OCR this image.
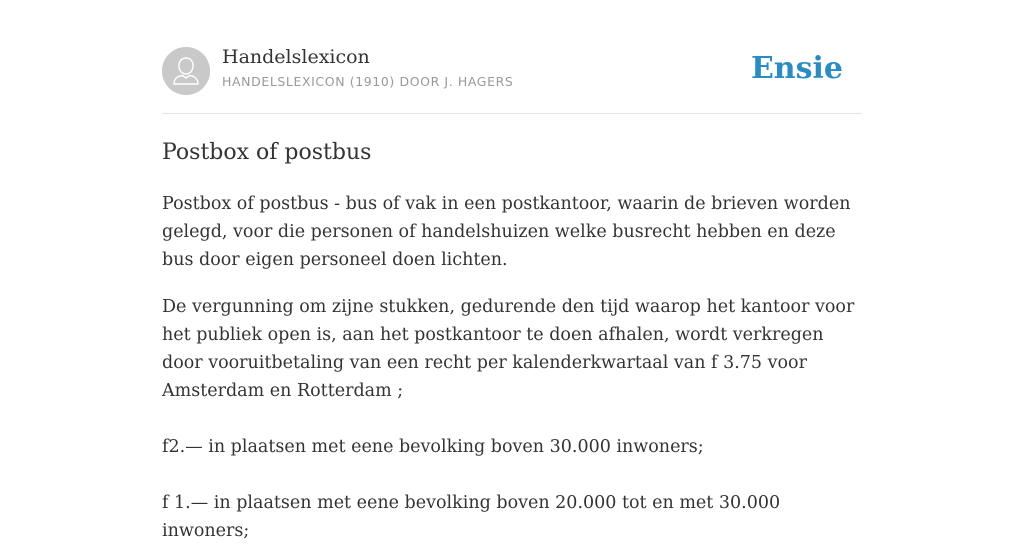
Handelslexicon
HANDELSLEXICON (1910) DOOR J. HAGERS	Ensie
Postbox of postbus

Postbox of postbus - bus of vak in een postkantoor, waarin de brieven worden gelegd, voor die personen of handelshuizen welke busrecht hebben en deze bus door eigen personeel doen lichten.

De vergunning om zijne stukken, gedurende den tijd waarop het kantoor voor het publiek open is, aan het postkantoor te doen afhalen, wordt verkregen door vooruitbetaling van een recht per kalenderkwartaal van f 3.75 voor Amsterdam en Rotterdam ;

f2.— in plaatsen met eene bevolking boven 30.000 inwoners;

f 1.— in plaatsen met eene bevolking boven 20.000 tot en met 30.000 inwoners;
